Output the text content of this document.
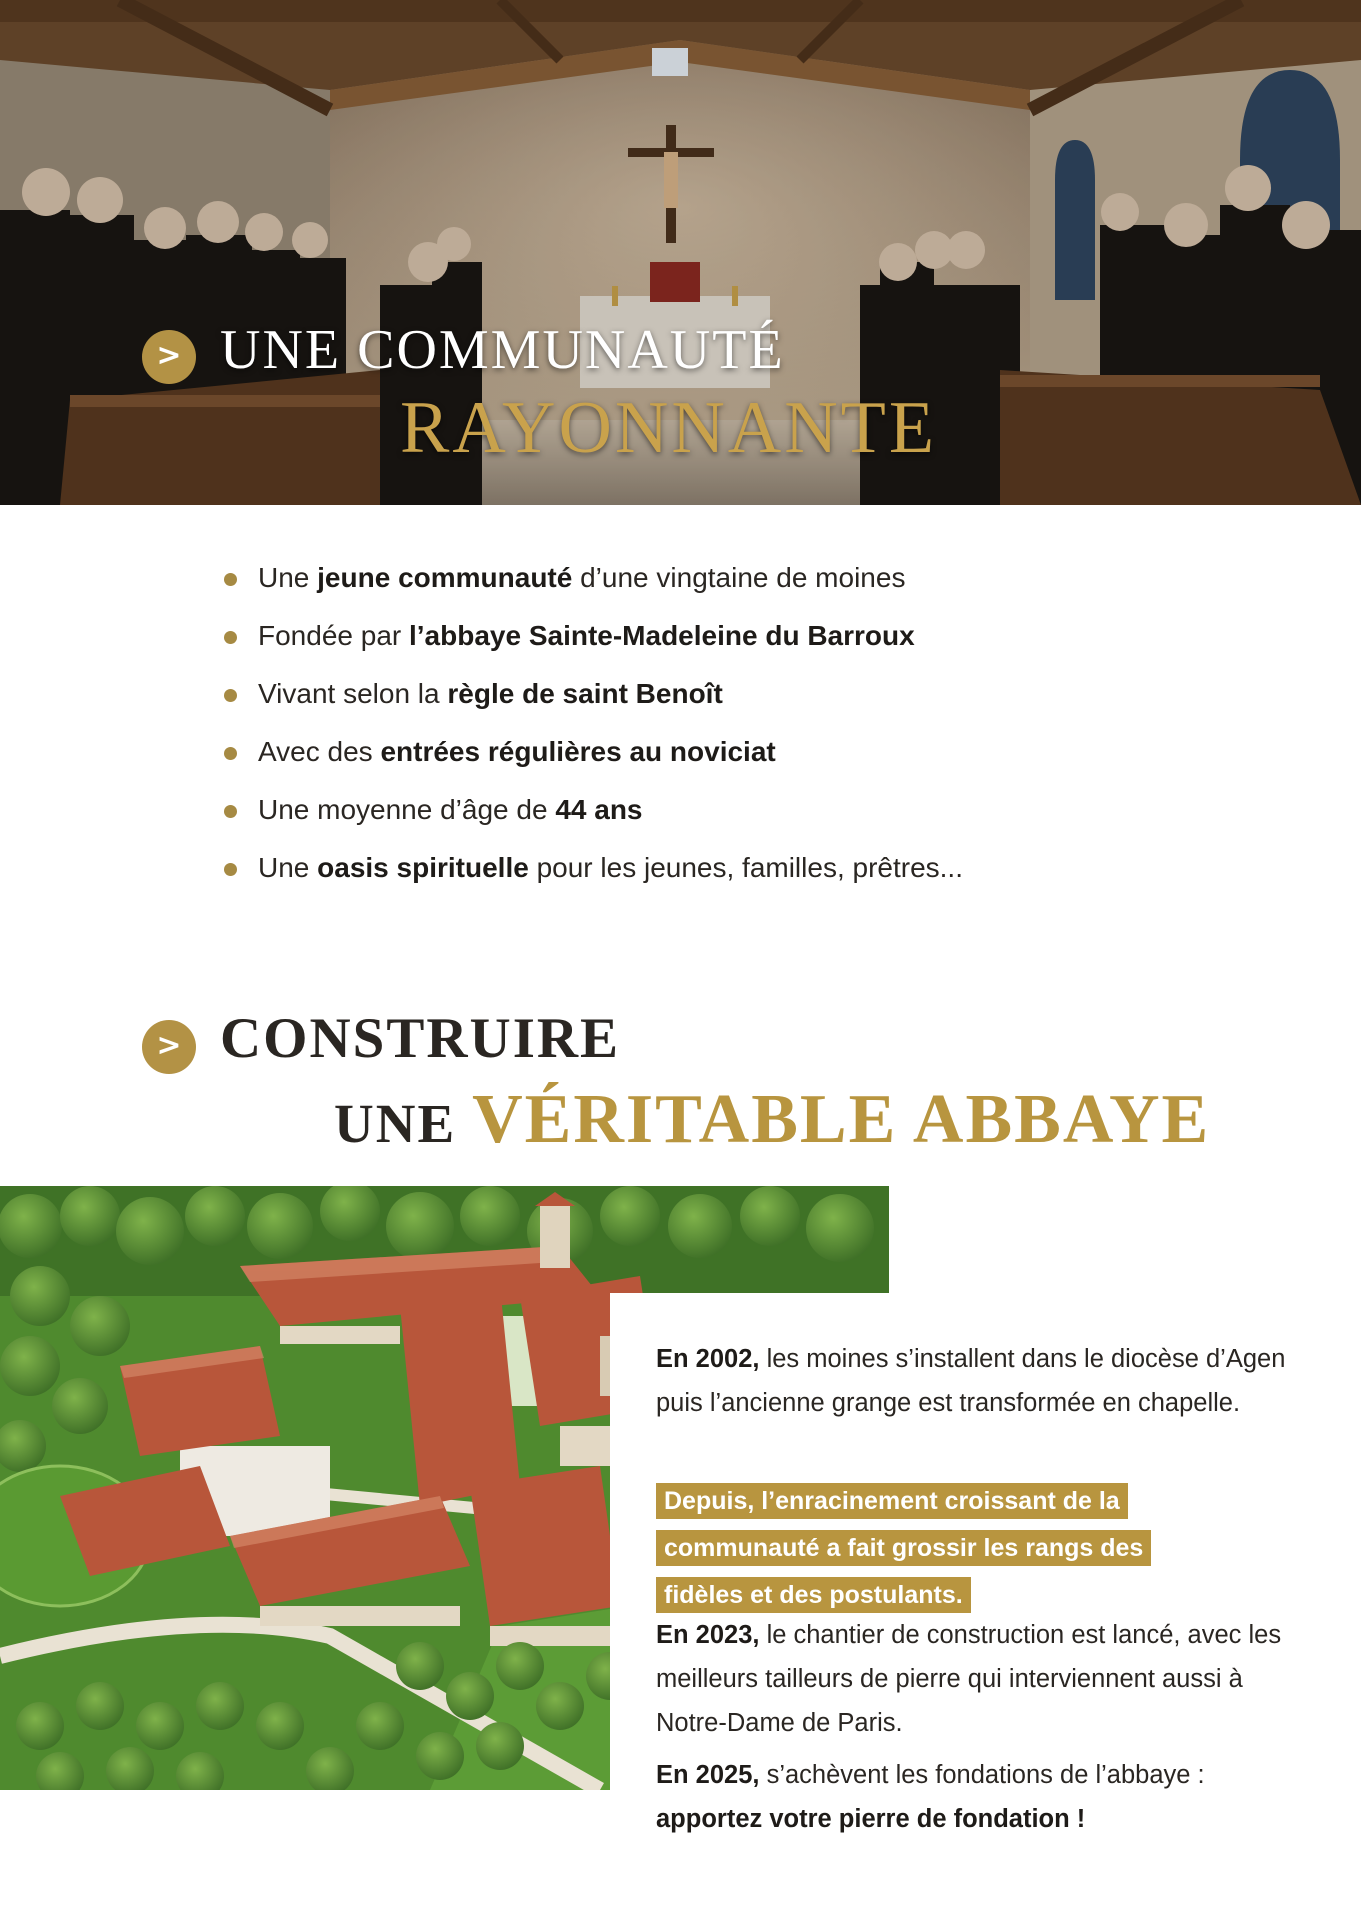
> UNE COMMUNAUTÉ
RAYONNANTE
Une jeune communauté d’une vingtaine de moines
Fondée par l’abbaye Sainte-Madeleine du Barroux
Vivant selon la règle de saint Benoît
Avec des entrées régulières au noviciat
Une moyenne d’âge de 44 ans
Une oasis spirituelle pour les jeunes, familles, prêtres...
> CONSTRUIRE
UNE VÉRITABLE ABBAYE

En 2002, les moines s’installent dans le diocèse d’Agen puis l’ancienne grange est transformée en chapelle.

Depuis, l’enracinement croissant de la
communauté a fait grossir les rangs des
fidèles et des postulants.

En 2023, le chantier de construction est lancé, avec les meilleurs tailleurs de pierre qui interviennent aussi à Notre-Dame de Paris.

En 2025, s’achèvent les fondations de l’abbaye : apportez votre pierre de fondation !
